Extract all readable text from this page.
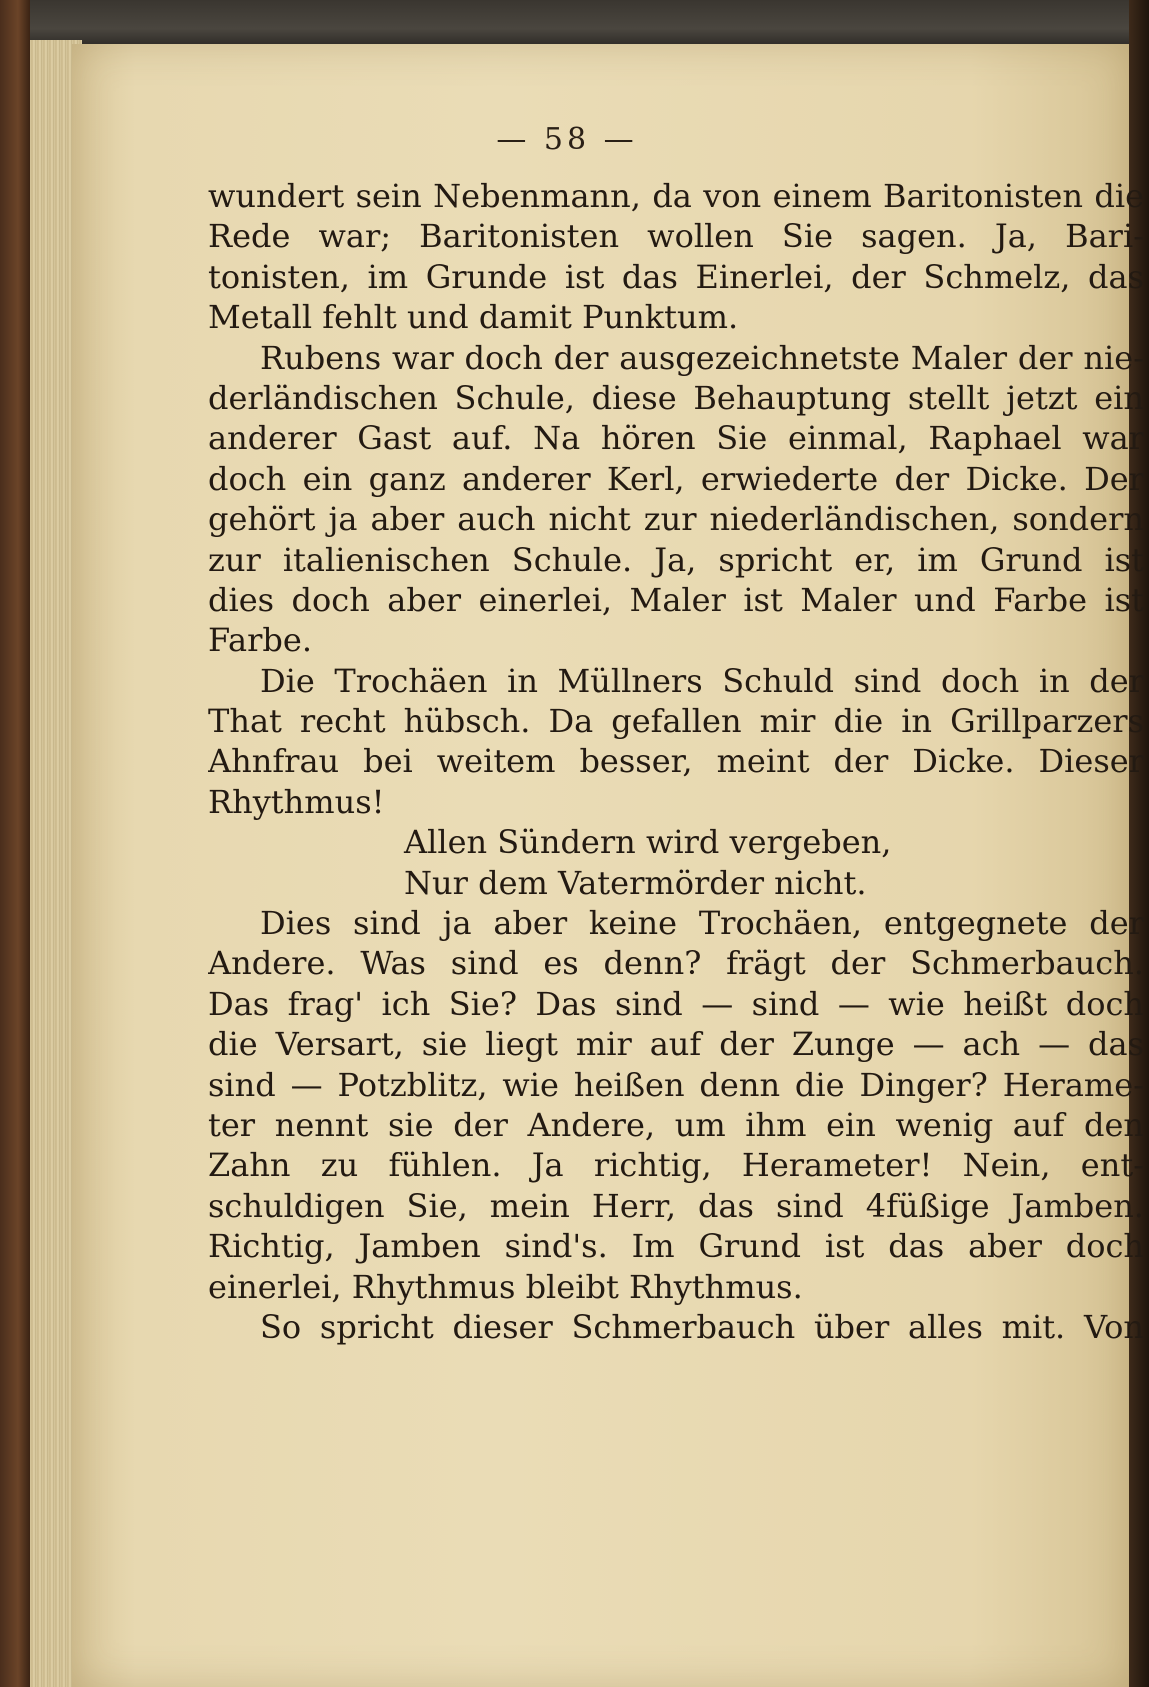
— 58 —
wundert sein Nebenmann, da von einem Baritonisten die
Rede war; Baritonisten wollen Sie sagen. Ja, Bari-
tonisten, im Grunde ist das Einerlei, der Schmelz, das
Metall fehlt und damit Punktum.
Rubens war doch der ausgezeichnetste Maler der nie-
derländischen Schule, diese Behauptung stellt jetzt ein
anderer Gast auf. Na hören Sie einmal, Raphael war
doch ein ganz anderer Kerl, erwiederte der Dicke. Der
gehört ja aber auch nicht zur niederländischen, sondern
zur italienischen Schule. Ja, spricht er, im Grund ist
dies doch aber einerlei, Maler ist Maler und Farbe ist
Farbe.
Die Trochäen in Müllners Schuld sind doch in der
That recht hübsch. Da gefallen mir die in Grillparzers
Ahnfrau bei weitem besser, meint der Dicke. Dieser
Rhythmus!
Allen Sündern wird vergeben,
Nur dem Vatermörder nicht.
Dies sind ja aber keine Trochäen, entgegnete der
Andere. Was sind es denn? frägt der Schmerbauch.
Das frag' ich Sie? Das sind — sind — wie heißt doch
die Versart, sie liegt mir auf der Zunge — ach — das
sind — Potzblitz, wie heißen denn die Dinger? Herame-
ter nennt sie der Andere, um ihm ein wenig auf den
Zahn zu fühlen. Ja richtig, Herameter! Nein, ent-
schuldigen Sie, mein Herr, das sind 4füßige Jamben.
Richtig, Jamben sind's. Im Grund ist das aber doch
einerlei, Rhythmus bleibt Rhythmus.
So spricht dieser Schmerbauch über alles mit. Von
